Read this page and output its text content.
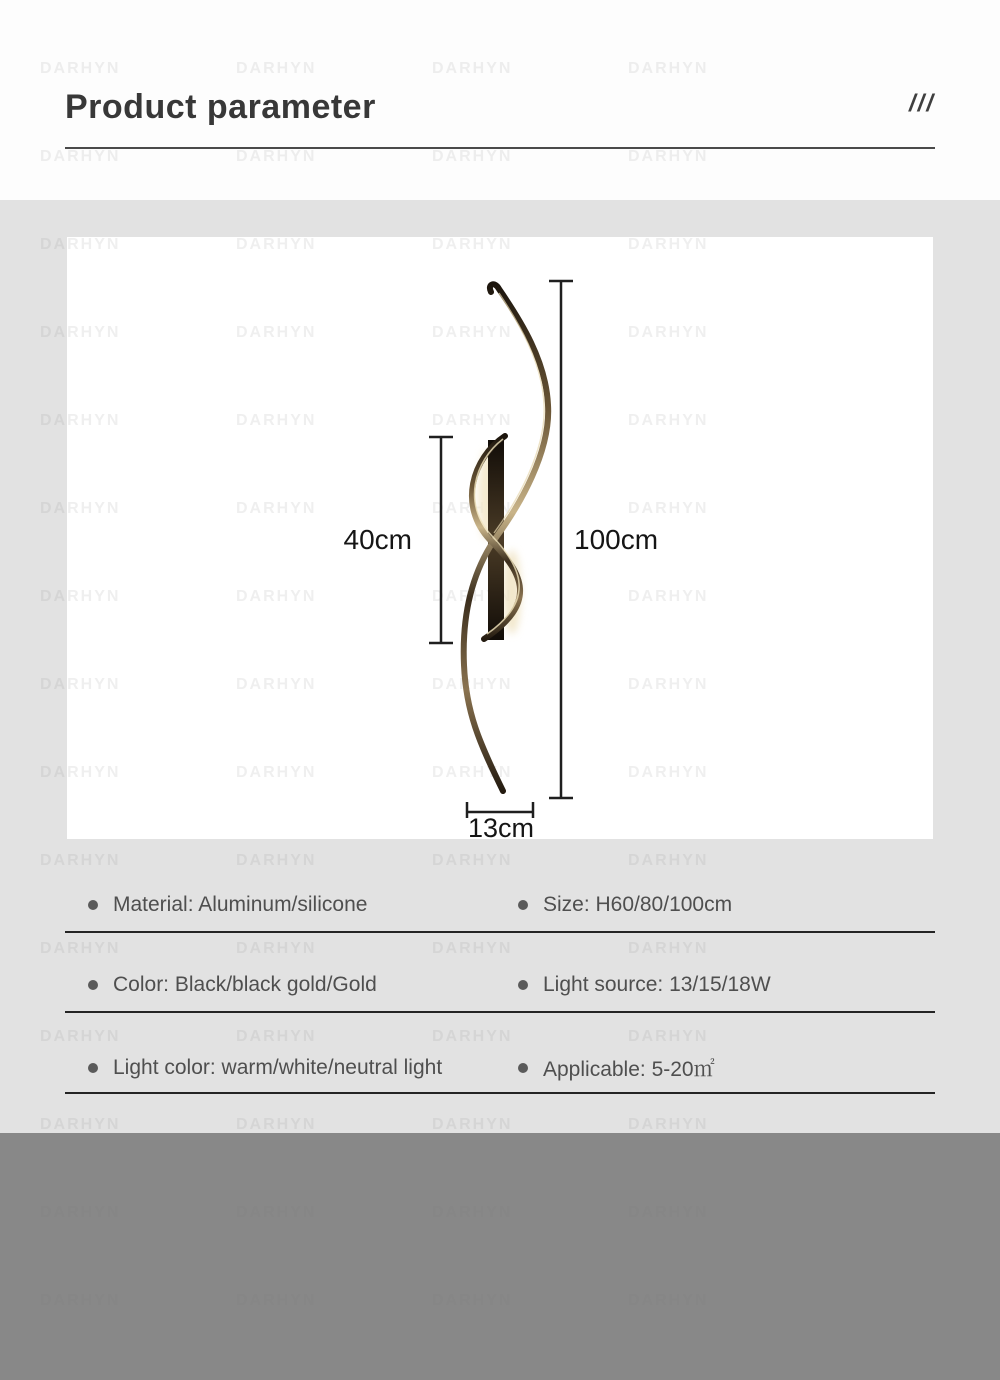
DARHYN	DARHYN	DARHYN	DARHYN
DARHYN	DARHYN	DARHYN	DARHYN
DARHYN	DARHYN	DARHYN	DARHYN
DARHYN	DARHYN	DARHYN	DARHYN
Product parameter	///
40cm	100cm
13cm
Material: Aluminum/silicone	Size: H60/80/100cm
Color: Black/black gold/Gold	Light source: 13/15/18W
Light color: warm/white/neutral light	Applicable: 5-20㎡
